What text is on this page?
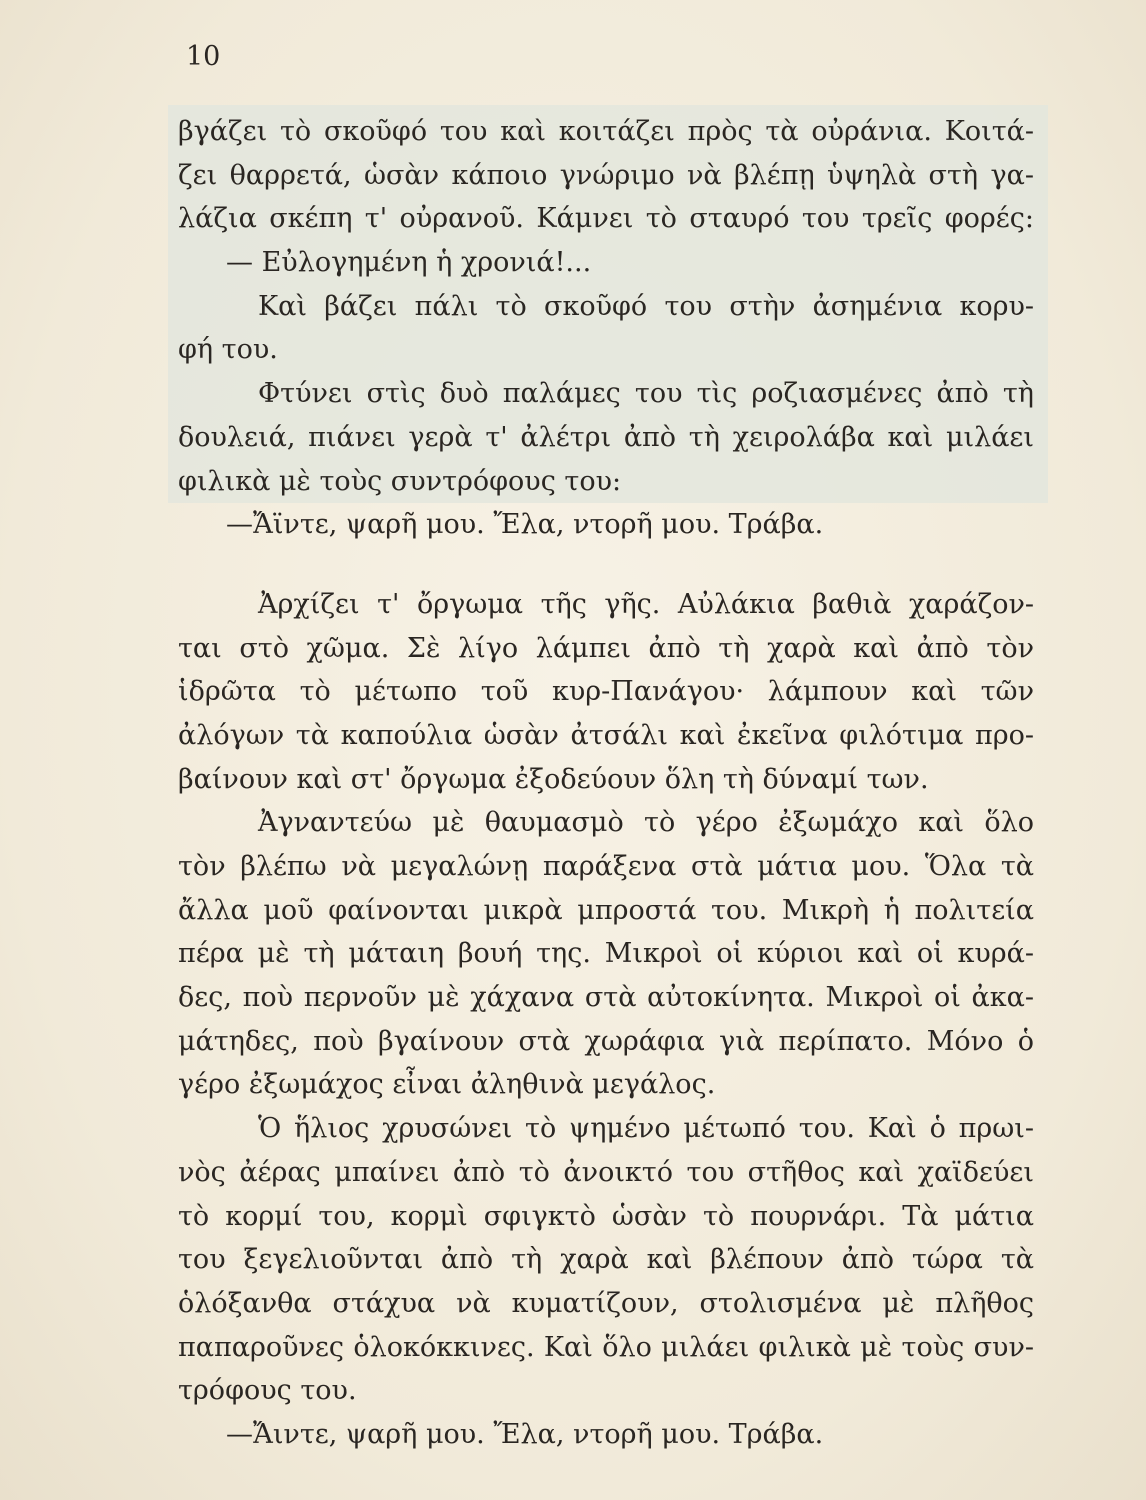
10
βγάζει τὸ σκοῦφό του καὶ κοιτάζει πρὸς τὰ οὐράνια. Κοιτά-
ζει θαρρετά, ὡσὰν κάποιο γνώριμο νὰ βλέπῃ ὑψηλὰ στὴ γα-
λάζια σκέπη τ' οὐρανοῦ. Κάμνει τὸ σταυρό του τρεῖς φορές:
— Εὐλογημένη ἡ χρονιά!...
Καὶ βάζει πάλι τὸ σκοῦφό του στὴν ἀσημένια κορυ-
φή του.
Φτύνει στὶς δυὸ παλάμες του τὶς ροζιασμένες ἀπὸ τὴ
δουλειά, πιάνει γερὰ τ' ἀλέτρι ἀπὸ τὴ χειρολάβα καὶ μιλάει
φιλικὰ μὲ τοὺς συντρόφους του:
—Ἄϊντε, ψαρῆ μου. Ἔλα, ντορῆ μου. Τράβα.
Ἀρχίζει τ' ὄργωμα τῆς γῆς. Αὐλάκια βαθιὰ χαράζον-
ται στὸ χῶμα. Σὲ λίγο λάμπει ἀπὸ τὴ χαρὰ καὶ ἀπὸ τὸν
ἱδρῶτα τὸ μέτωπο τοῦ κυρ-Πανάγου· λάμπουν καὶ τῶν
ἀλόγων τὰ καπούλια ὡσὰν ἀτσάλι καὶ ἐκεῖνα φιλότιμα προ-
βαίνουν καὶ στ' ὄργωμα ἐξοδεύουν ὅλη τὴ δύναμί των.
Ἀγναντεύω μὲ θαυμασμὸ τὸ γέρο ἐξωμάχο καὶ ὅλο
τὸν βλέπω νὰ μεγαλώνῃ παράξενα στὰ μάτια μου. Ὅλα τὰ
ἄλλα μοῦ φαίνονται μικρὰ μπροστά του. Μικρὴ ἡ πολιτεία
πέρα μὲ τὴ μάταιη βουή της. Μικροὶ οἱ κύριοι καὶ οἱ κυρά-
δες, ποὺ περνοῦν μὲ χάχανα στὰ αὐτοκίνητα. Μικροὶ οἱ ἀκα-
μάτηδες, ποὺ βγαίνουν στὰ χωράφια γιὰ περίπατο. Μόνο ὁ
γέρο ἐξωμάχος εἶναι ἀληθινὰ μεγάλος.
Ὁ ἥλιος χρυσώνει τὸ ψημένο μέτωπό του. Καὶ ὁ πρωι-
νὸς ἀέρας μπαίνει ἀπὸ τὸ ἀνοικτό του στῆθος καὶ χαϊδεύει
τὸ κορμί του, κορμὶ σφιγκτὸ ὡσὰν τὸ πουρνάρι. Τὰ μάτια
του ξεγελιοῦνται ἀπὸ τὴ χαρὰ καὶ βλέπουν ἀπὸ τώρα τὰ
ὁλόξανθα στάχυα νὰ κυματίζουν, στολισμένα μὲ πλῆθος
παπαροῦνες ὁλοκόκκινες. Καὶ ὅλο μιλάει φιλικὰ μὲ τοὺς συν-
τρόφους του.
—Ἄιντε, ψαρῆ μου. Ἔλα, ντορῆ μου. Τράβα.
